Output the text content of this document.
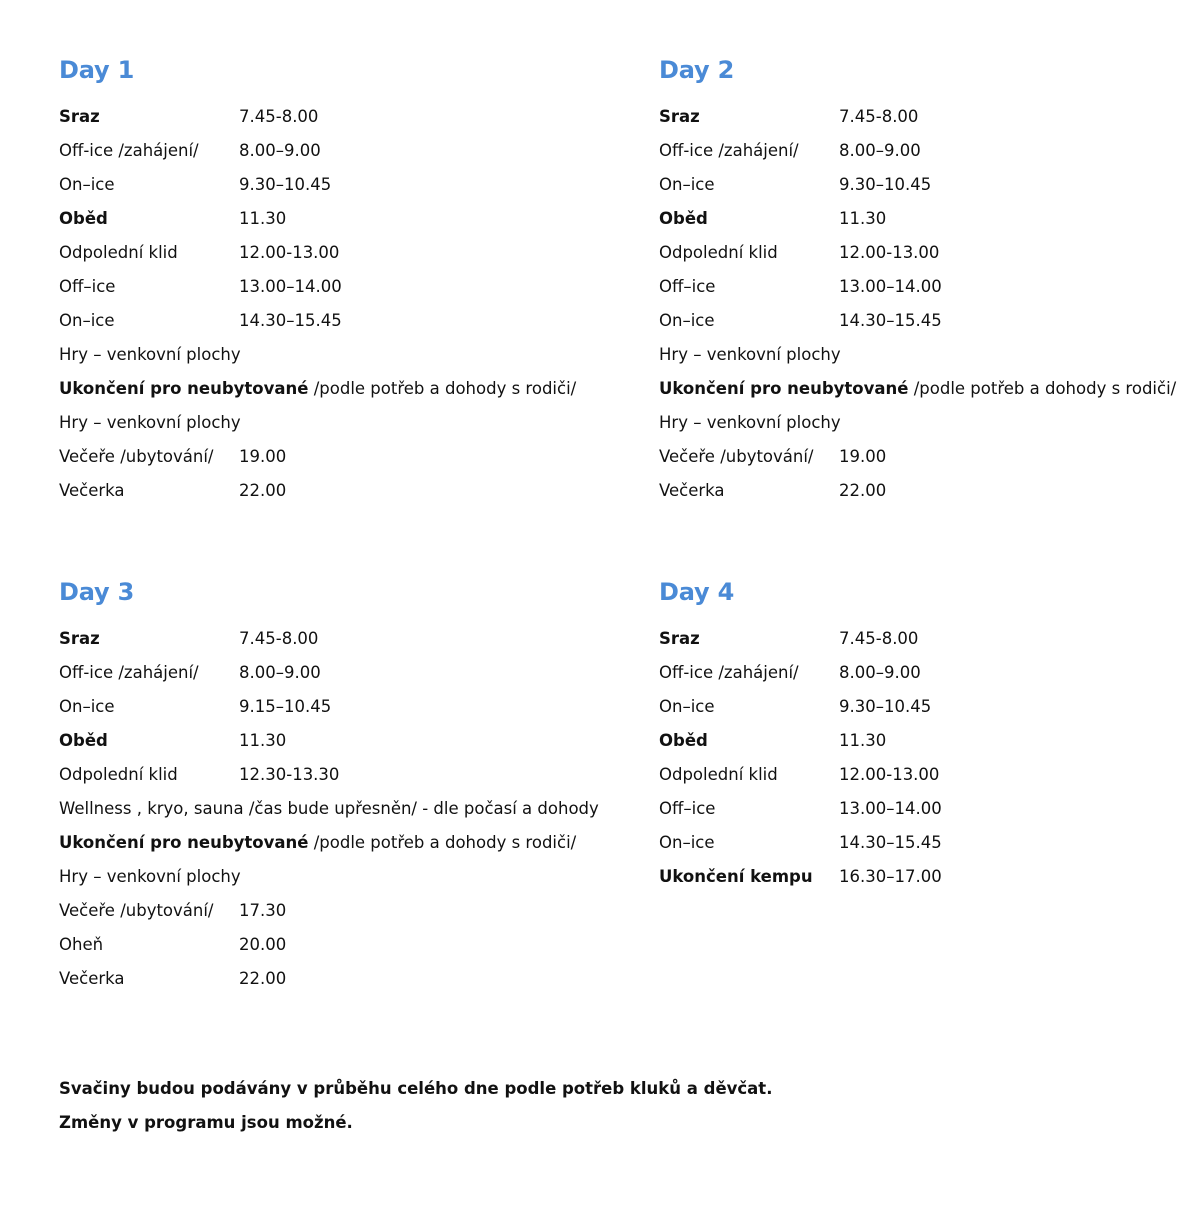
Day 1
Sraz	7.45-8.00
Off-ice /zahájení/ 8.00–9.00
On–ice	9.30–10.45
Oběd	11.30
Odpolední klid	12.00-13.00
Off–ice	13.00–14.00
On–ice	14.30–15.45
Hry – venkovní plochy
Ukončení pro neubytované /podle potřeb a dohody s rodiči/
Hry – venkovní plochy
Večeře /ubytování/ 19.00
Večerka	22.00
Day 2
Sraz	7.45-8.00
Off-ice /zahájení/ 8.00–9.00
On–ice	9.30–10.45
Oběd	11.30
Odpolední klid	12.00-13.00
Off–ice	13.00–14.00
On–ice	14.30–15.45
Hry – venkovní plochy
Ukončení pro neubytované /podle potřeb a dohody s rodiči/
Hry – venkovní plochy
Večeře /ubytování/ 19.00
Večerka	22.00
Day 3
Sraz	7.45-8.00
Off-ice /zahájení/ 8.00–9.00
On–ice	9.15–10.45
Oběd	11.30
Odpolední klid	12.30-13.30
Wellness , kryo, sauna /čas bude upřesněn/ - dle počasí a dohody
Ukončení pro neubytované /podle potřeb a dohody s rodiči/
Hry – venkovní plochy
Večeře /ubytování/ 17.30
Oheň	20.00
Večerka	22.00
Day 4
Sraz	7.45-8.00
Off-ice /zahájení/ 8.00–9.00
On–ice	9.30–10.45
Oběd	11.30
Odpolední klid	12.00-13.00
Off–ice	13.00–14.00
On–ice	14.30–15.45
Ukončení kempu 16.30–17.00
Svačiny budou podávány v průběhu celého dne podle potřeb kluků a děvčat.
Změny v programu jsou možné.
